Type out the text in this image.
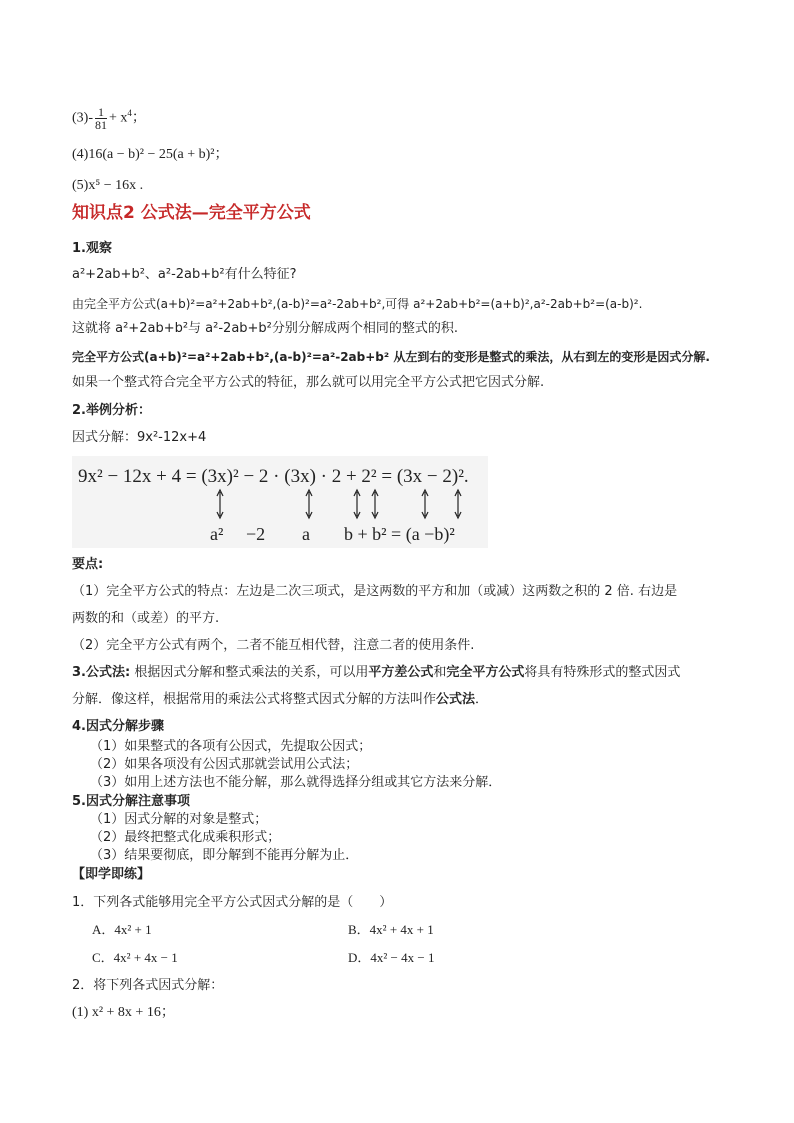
$(3)- \frac{1}{81} + x^4$；
(4)16(a − b)² − 25(a + b)²；
(5)x⁵ − 16x .
知识点2 公式法—完全平方公式
1.观察
a²+2ab+b²、a²-2ab+b²有什么特征?
由完全平方公式(a+b)²=a²+2ab+b²,(a-b)²=a²-2ab+b²,可得 a²+2ab+b²=(a+b)²,a²-2ab+b²=(a-b)².
这就将 a²+2ab+b²与 a²-2ab+b²分别分解成两个相同的整式的积.
完全平方公式(a+b)²=a²+2ab+b²,(a-b)²=a²-2ab+b² 从左到右的变形是整式的乘法，从右到左的变形是因式分解.
如果一个整式符合完全平方公式的特征，那么就可以用完全平方公式把它因式分解.
2.举例分析：
因式分解：9x²-12x+4
9x² − 12x + 4 = (3x)² − 2 · (3x) · 2 + 2² = (3x − 2)².
a² −2 a b + b² = (a −b)²
要点:
（1）完全平方公式的特点：左边是二次三项式，是这两数的平方和加（或减）这两数之积的 2 倍. 右边是
两数的和（或差）的平方.
（2）完全平方公式有两个，二者不能互相代替，注意二者的使用条件.
3.公式法: 根据因式分解和整式乘法的关系，可以用平方差公式和完全平方公式将具有特殊形式的整式因式
分解．像这样，根据常用的乘法公式将整式因式分解的方法叫作公式法．
4.因式分解步骤
（1）如果整式的各项有公因式，先提取公因式；
（2）如果各项没有公因式那就尝试用公式法；
（3）如用上述方法也不能分解，那么就得选择分组或其它方法来分解．
5.因式分解注意事项
（1）因式分解的对象是整式；
（2）最终把整式化成乘积形式；
（3）结果要彻底，即分解到不能再分解为止．
【即学即练】
1．下列各式能够用完全平方公式因式分解的是（　　）
A．4x² + 1	B．4x² + 4x + 1
C．4x² + 4x − 1	D．4x² − 4x − 1
2．将下列各式因式分解：
(1) x² + 8x + 16；
